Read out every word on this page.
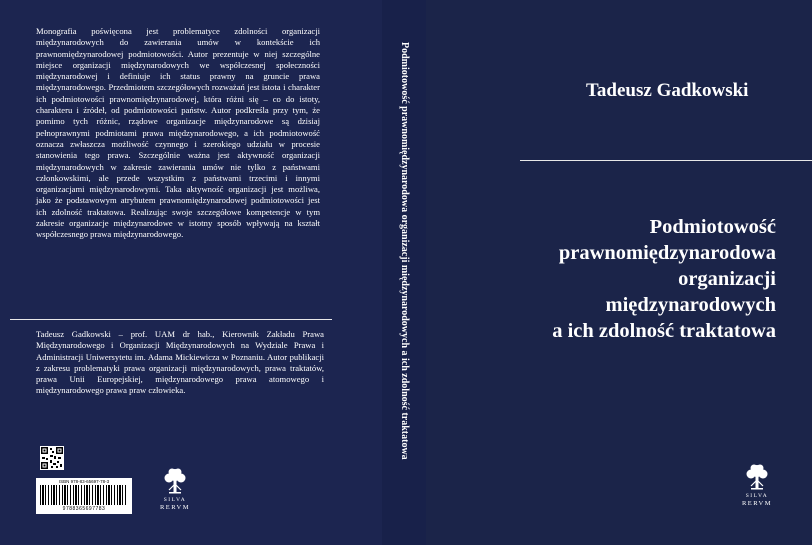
Monografia poświęcona jest problematyce zdolności organizacji międzynarodowych do zawierania umów w kontekście ich prawnomiędzynarodowej podmiotowości. Autor prezentuje w niej szczególne miejsce organizacji międzynarodowych we współczesnej społeczności międzynarodowej i definiuje ich status prawny na gruncie prawa międzynarodowego. Przedmiotem szczegółowych rozważań jest istota i charakter ich podmiotowości prawnomiędzynarodowej, która różni się – co do istoty, charakteru i źródeł, od podmiotowości państw. Autor podkreśla przy tym, że pomimo tych różnic, rządowe organizacje międzynarodowe są dzisiaj pełnoprawnymi podmiotami prawa międzynarodowego, a ich podmiotowość oznacza zwłaszcza możliwość czynnego i szerokiego udziału w procesie stanowienia tego prawa. Szczególnie ważna jest aktywność organizacji międzynarodowych w zakresie zawierania umów nie tylko z państwami członkowskimi, ale przede wszystkim z państwami trzecimi i innymi organizacjami międzynarodowymi. Taka aktywność organizacji jest możliwa, jako że podstawowym atrybutem prawnomiędzynarodowej podmiotowości jest ich zdolność traktatowa. Realizując swoje szczegółowe kompetencje w tym zakresie organizacje międzynarodowe w istotny sposób wpływają na kształt współczesnego prawa międzynarodowego.

Tadeusz Gadkowski – prof. UAM dr hab., Kierownik Zakładu Prawa Międzynarodowego i Organizacji Międzynarodowych na Wydziale Prawa i Administracji Uniwersytetu im. Adama Mickiewicza w Poznaniu. Autor publikacji z zakresu problematyki prawa organizacji międzynarodowych, prawa traktatów, prawa Unii Europejskiej, międzynarodowego prawa atomowego i międzynarodowego prawa praw człowieka.

ISBN 978-83-65697-78-3
9788365697783
SILVA
RERVM
Podmiotowość prawnomiędzynarodowa organizacji międzynarodowych a ich zdolność traktatowa	Tadeusz Gadkowski
Podmiotowość
prawnomiędzynarodowa
organizacji
międzynarodowych
a ich zdolność traktatowa
SILVA
RERVM
